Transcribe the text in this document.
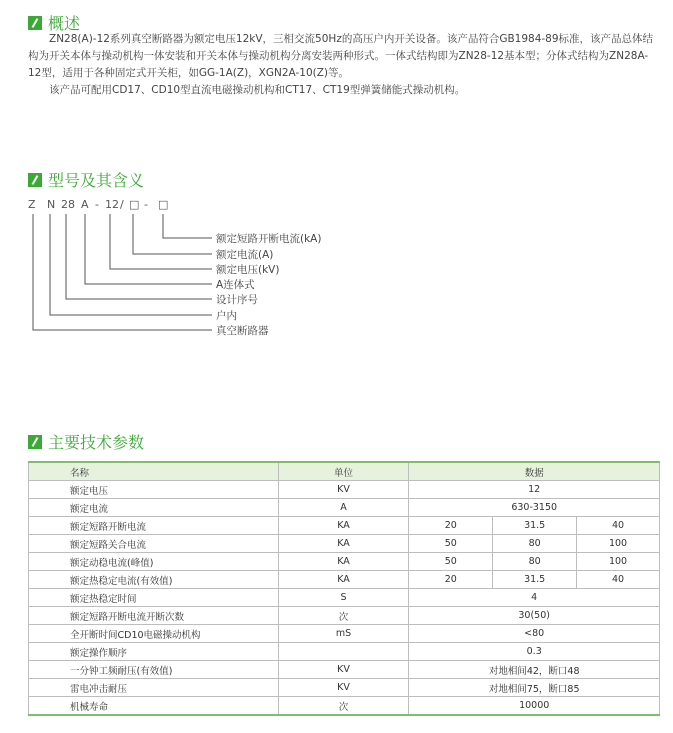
概述

ZN28(A)-12系列真空断路器为额定电压12kV，三相交流50Hz的高压户内开关设备。该产品符合GB1984-89标准，该产品总体结构为开关本体与操动机构一体安装和开关本体与操动机构分离安装两种形式。一体式结构即为ZN28-12基本型；分体式结构为ZN28A-12型，适用于各种固定式开关柜，如GG-1A(Z)，XGN2A-10(Z)等。

该产品可配用CD17、CD10型直流电磁操动机构和CT17、CT19型弹簧储能式操动机构。

型号及其含义
Z N 28 A - 12 / □ - □
额定短路开断电流(kA)
额定电流(A)
额定电压(kV)
A连体式
设计序号
户内
真空断路器
主要技术参数
名称	单位	数据		
额定电压	KV	12		
额定电流	A	630-3150		
额定短路开断电流	KA	20	31.5	40
额定短路关合电流	KA	50	80	100
额定动稳电流(峰值)	KA	50	80	100
额定热稳定电流(有效值)	KA	20	31.5	40
额定热稳定时间	S	4		
额定短路开断电流开断次数	次	30(50)		
全开断时间CD10电磁操动机构	mS	<80		
额定操作顺序		0.3		
一分钟工频耐压(有效值)	KV	对地相间42，断口48		
雷电冲击耐压	KV	对地相间75，断口85		
机械寿命	次	10000		
